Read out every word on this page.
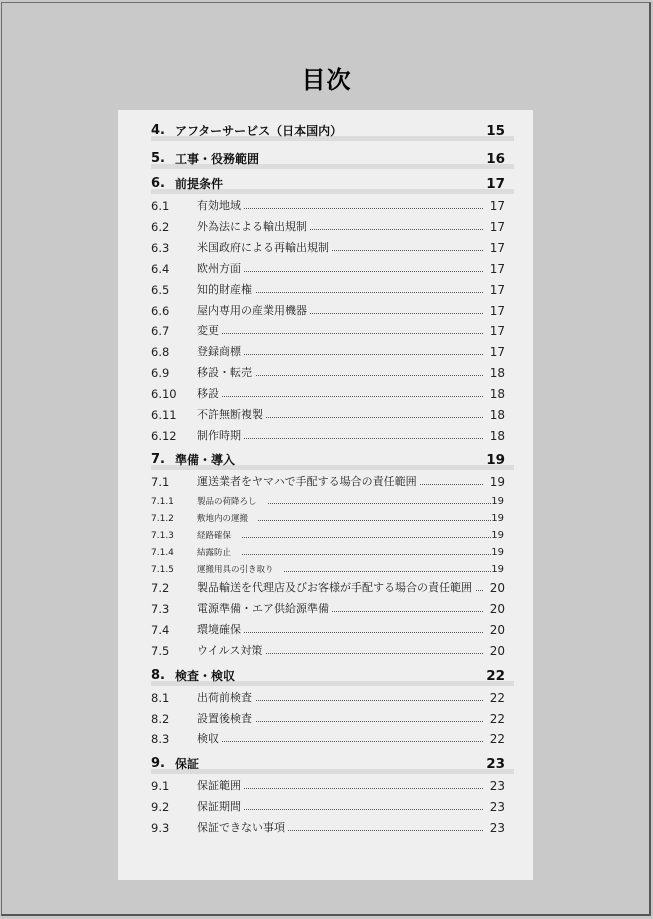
目次
4. アフターサービス（日本国内）	15
5. 工事・役務範囲	16
6. 前提条件	17
6.1	有効地域	17
6.2	外為法による輸出規制	17
6.3	米国政府による再輸出規制	17
6.4	欧州方面	17
6.5	知的財産権	17
6.6	屋内専用の産業用機器	17
6.7	変更	17
6.8	登録商標	17
6.9	移設・転売	18
6.10 移設	18
6.11 不許無断複製	18
6.12 制作時期	18
7. 準備・導入	19
7.1	運送業者をヤマハで手配する場合の責任範囲	19
7.1.1	製品の荷降ろし	19
7.1.2	敷地内の運搬	19
7.1.3	経路確保	19
7.1.4	結露防止	19
7.1.5	運搬用具の引き取り	19
7.2	製品輸送を代理店及びお客様が手配する場合の責任範囲 20
7.3	電源準備・エア供給源準備	20
7.4	環境確保	20
7.5	ウイルス対策	20
8. 検査・検収	22
8.1	出荷前検査	22
8.2	設置後検査	22
8.3	検収	22
9. 保証	23
9.1	保証範囲	23
9.2	保証期間	23
9.3	保証できない事項	23
